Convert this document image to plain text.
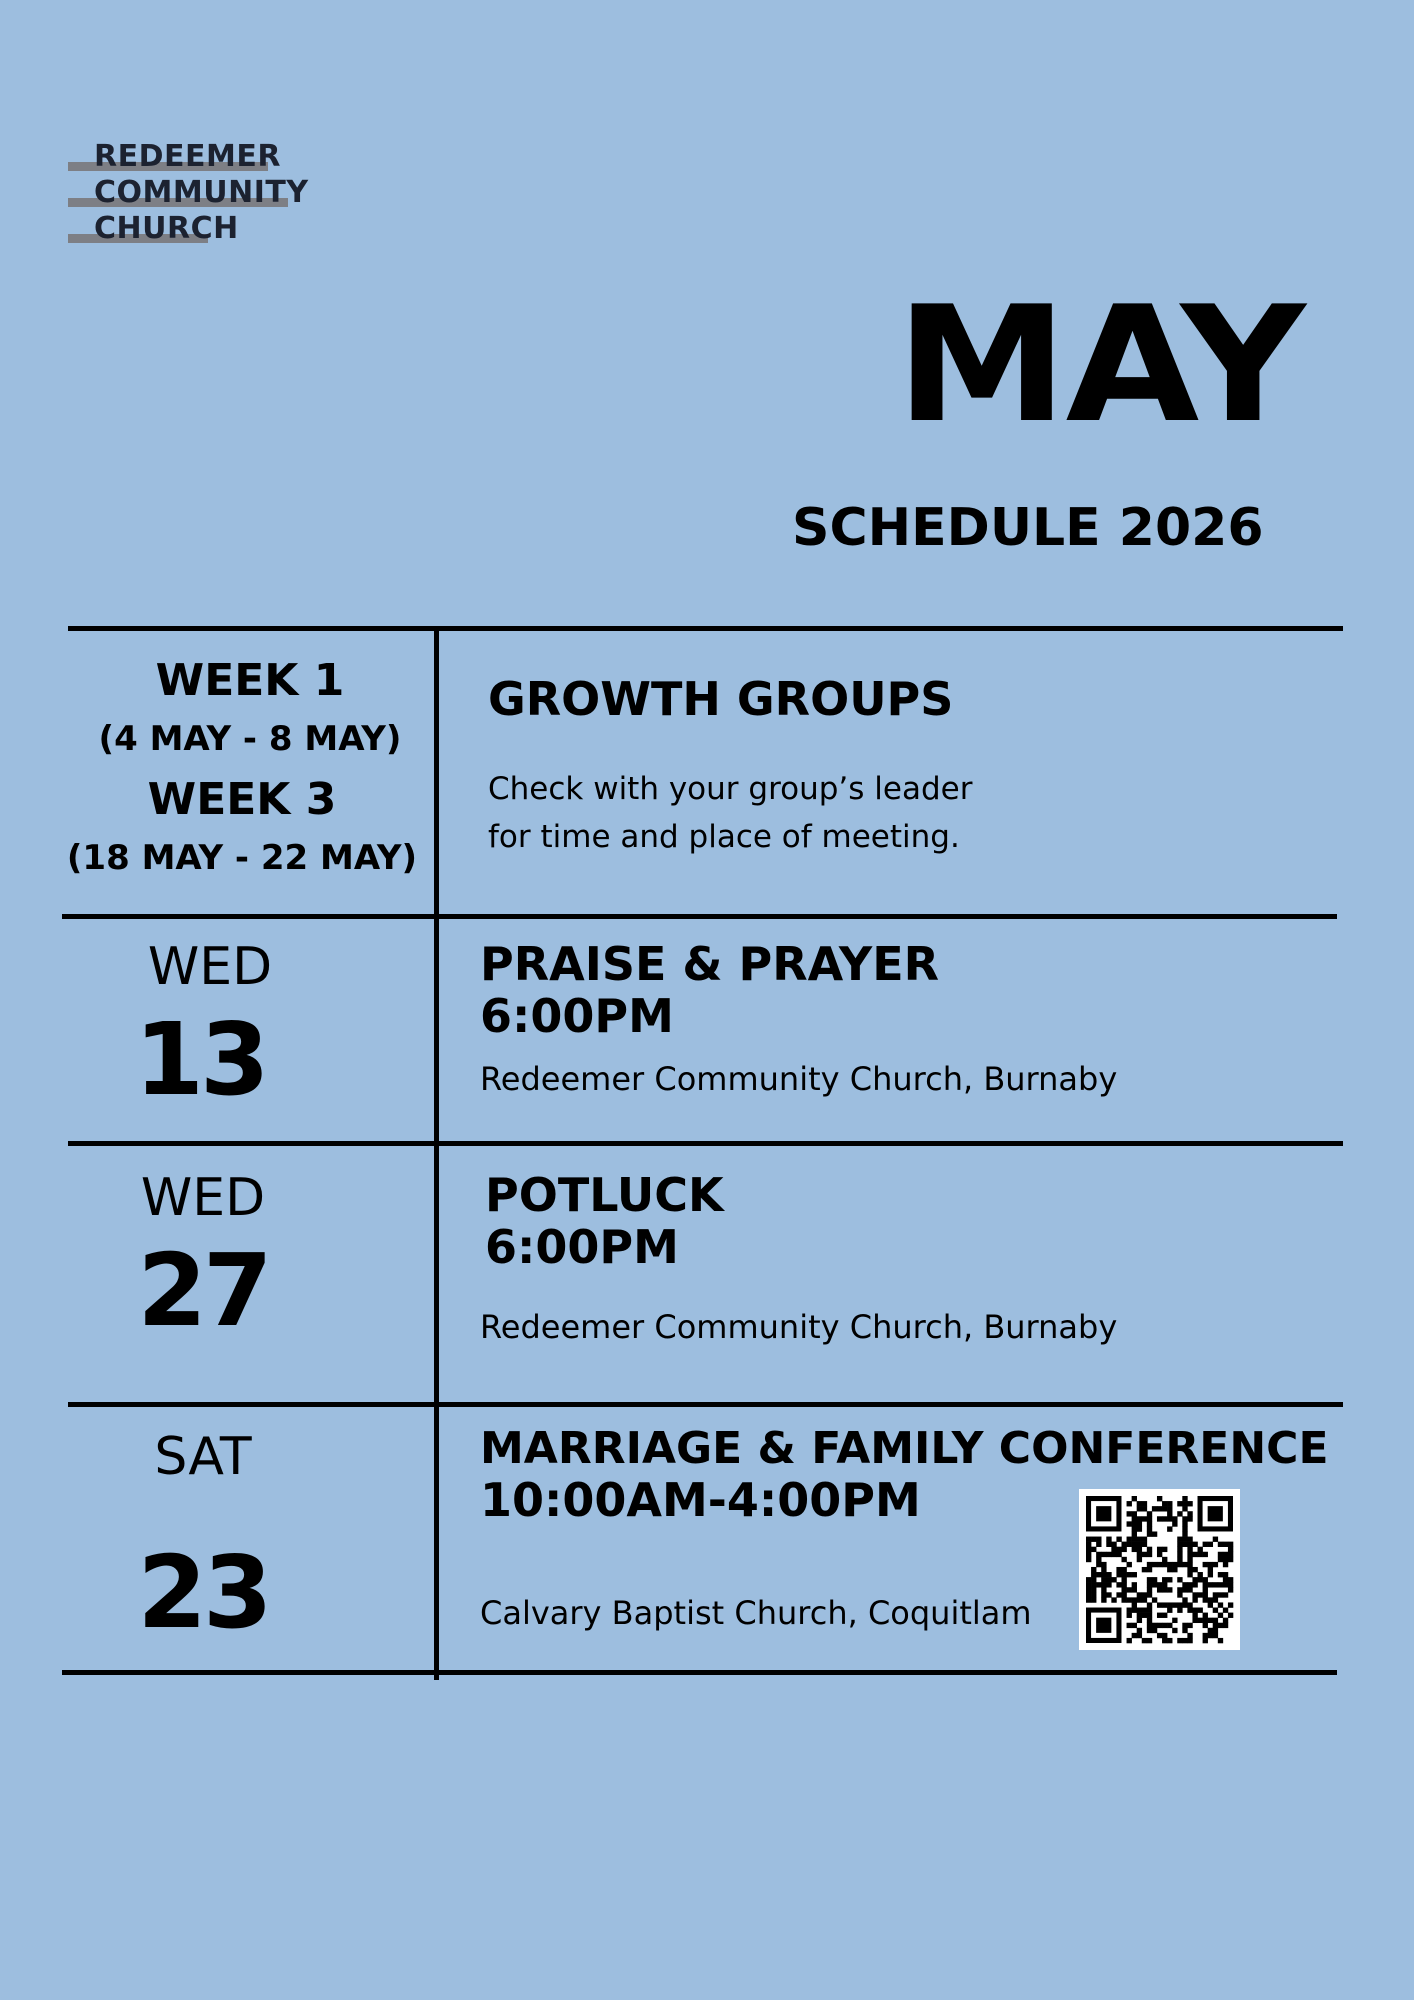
REDEEMER
COMMUNITY
CHURCH
MAY
SCHEDULE 2026
WEEK 1
(4 MAY - 8 MAY)
WEEK 3
(18 MAY - 22 MAY)
GROWTH GROUPS
Check with your group’s leader
for time and place of meeting.
WED
13
PRAISE & PRAYER
6:00PM
Redeemer Community Church, Burnaby
WED
27
POTLUCK
6:00PM
Redeemer Community Church, Burnaby
SAT
23
MARRIAGE & FAMILY CONFERENCE
10:00AM-4:00PM
Calvary Baptist Church, Coquitlam
